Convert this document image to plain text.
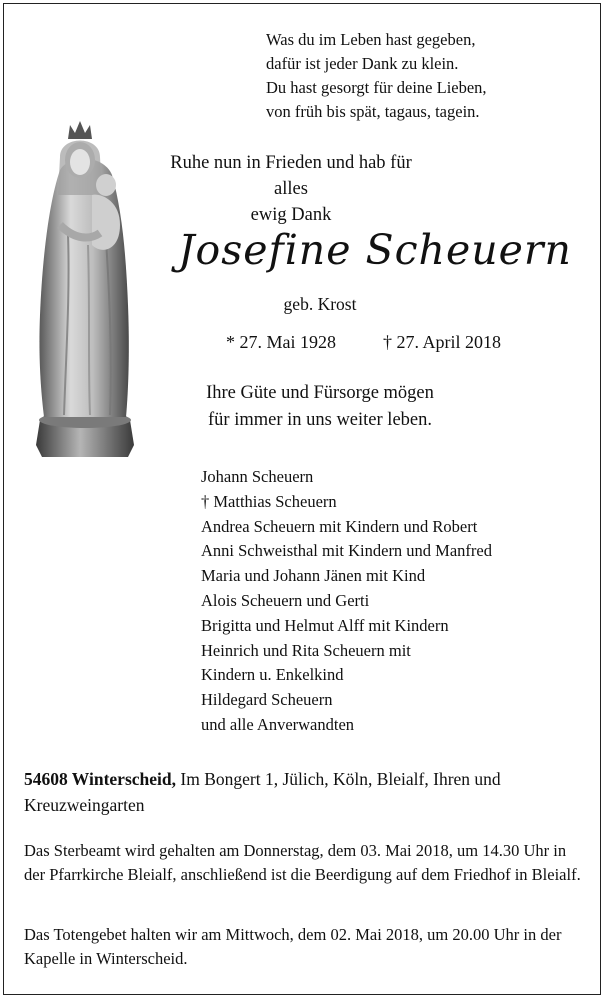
Was du im Leben hast gegeben,
dafür ist jeder Dank zu klein.
Du hast gesorgt für deine Lieben,
von früh bis spät, tagaus, tagein.
Ruhe nun in Frieden und hab für alles
ewig Dank
Josefine Scheuern
geb. Krost
* 27. Mai 1928	† 27. April 2018
Ihre Güte und Fürsorge mögen
für immer in uns weiter leben.
Johann Scheuern
† Matthias Scheuern
Andrea Scheuern mit Kindern und Robert
Anni Schweisthal mit Kindern und Manfred
Maria und Johann Jänen mit Kind
Alois Scheuern und Gerti
Brigitta und Helmut Alff mit Kindern
Heinrich und Rita Scheuern mit
Kindern u. Enkelkind
Hildegard Scheuern
und alle Anverwandten
54608 Winterscheid, Im Bongert 1, Jülich, Köln, Bleialf, Ihren und Kreuzweingarten
Das Sterbeamt wird gehalten am Donnerstag, dem 03. Mai 2018, um 14.30 Uhr in der Pfarrkirche Bleialf, anschließend ist die Beerdigung auf dem Friedhof in Bleialf.
Das Totengebet halten wir am Mittwoch, dem 02. Mai 2018, um 20.00 Uhr in der Kapelle in Winterscheid.
